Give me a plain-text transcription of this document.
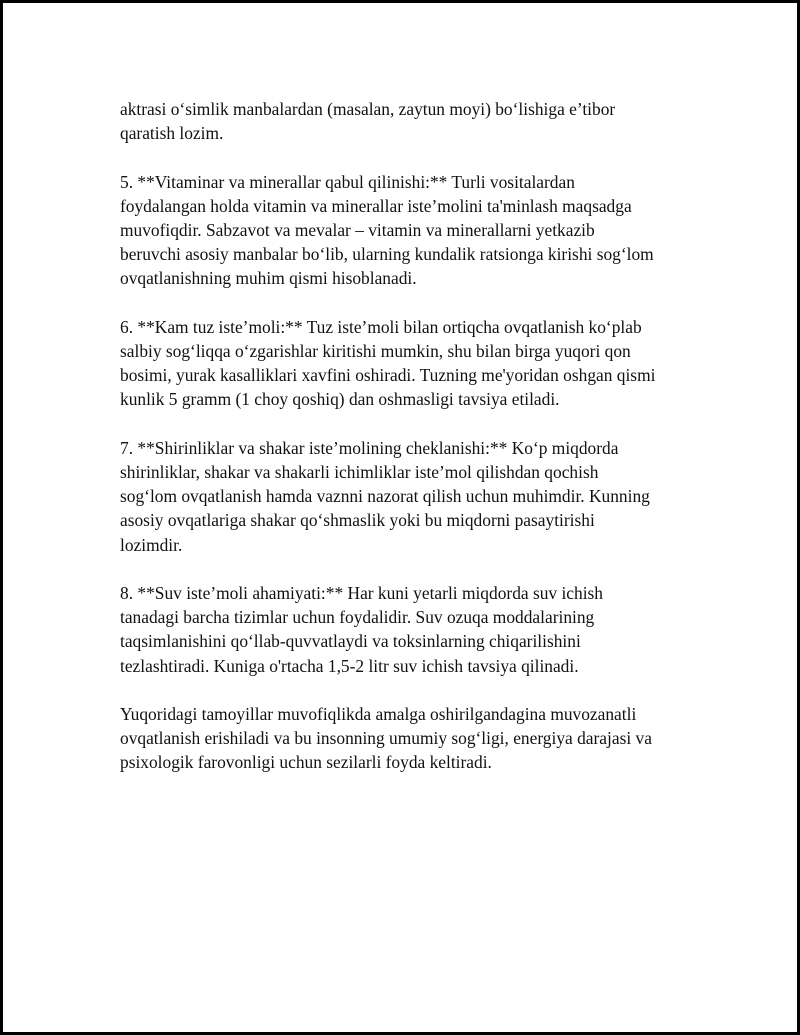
aktrasi o‘simlik manbalardan (masalan, zaytun moyi) bo‘lishiga e’tibor
qaratish lozim.

5. **Vitaminar va minerallar qabul qilinishi:** Turli vositalardan
foydalangan holda vitamin va minerallar iste’molini ta'minlash maqsadga
muvofiqdir. Sabzavot va mevalar – vitamin va minerallarni yetkazib
beruvchi asosiy manbalar bo‘lib, ularning kundalik ratsionga kirishi sog‘lom
ovqatlanishning muhim qismi hisoblanadi.

6. **Kam tuz iste’moli:** Tuz iste’moli bilan ortiqcha ovqatlanish ko‘plab
salbiy sog‘liqqa o‘zgarishlar kiritishi mumkin, shu bilan birga yuqori qon
bosimi, yurak kasalliklari xavfini oshiradi. Tuzning me'yoridan oshgan qismi
kunlik 5 gramm (1 choy qoshiq) dan oshmasligi tavsiya etiladi.

7. **Shirinliklar va shakar iste’molining cheklanishi:** Ko‘p miqdorda
shirinliklar, shakar va shakarli ichimliklar iste’mol qilishdan qochish
sog‘lom ovqatlanish hamda vaznni nazorat qilish uchun muhimdir. Kunning
asosiy ovqatlariga shakar qo‘shmaslik yoki bu miqdorni pasaytirishi
lozimdir.

8. **Suv iste’moli ahamiyati:** Har kuni yetarli miqdorda suv ichish
tanadagi barcha tizimlar uchun foydalidir. Suv ozuqa moddalarining
taqsimlanishini qo‘llab-quvvatlaydi va toksinlarning chiqarilishini
tezlashtiradi. Kuniga o'rtacha 1,5-2 litr suv ichish tavsiya qilinadi.

Yuqoridagi tamoyillar muvofiqlikda amalga oshirilgandagina muvozanatli
ovqatlanish erishiladi va bu insonning umumiy sog‘ligi, energiya darajasi va
psixologik farovonligi uchun sezilarli foyda keltiradi.
